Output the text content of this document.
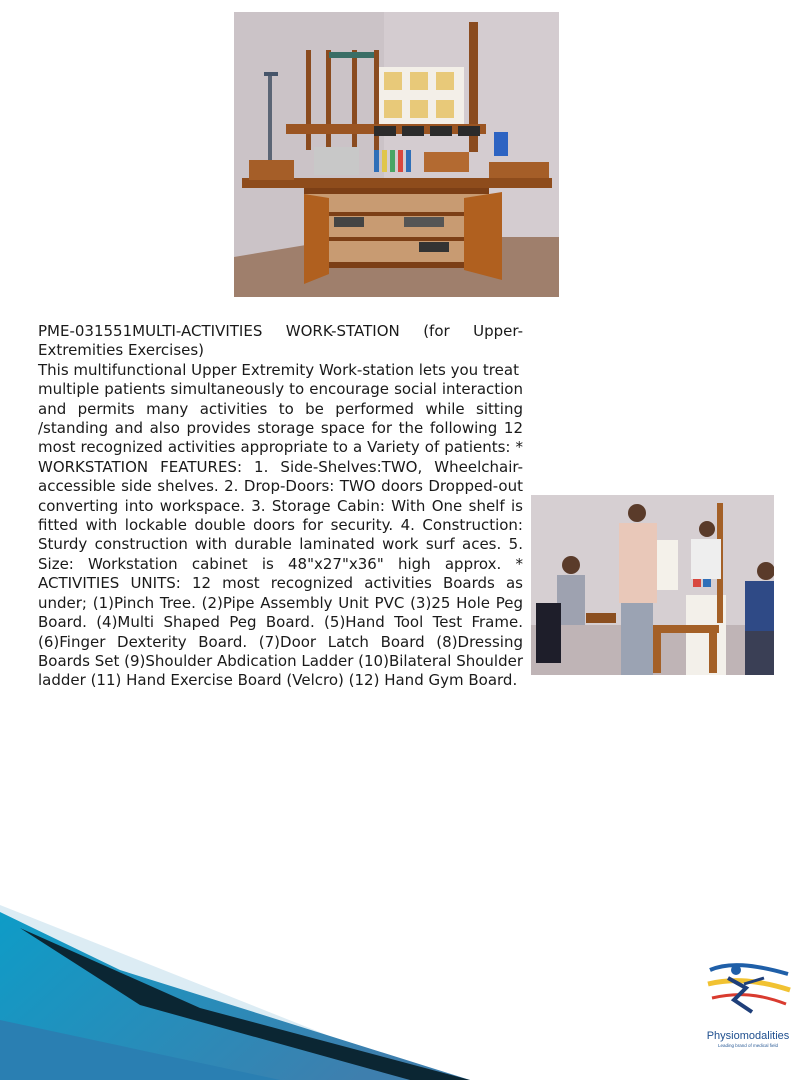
PME-031551MULTI-ACTIVITIES WORK-STATION (for Upper-Extremities Exercises)

This multifunctional Upper Extremity Work-station lets you treat

multiple patients simultaneously to encourage social interaction and permits many activities to be performed while sitting /standing and also provides storage space for the following 12 most recognized activities appropriate to a Variety of patients: * WORKSTATION FEATURES: 1. Side-Shelves:TWO, Wheelchair-accessible side shelves. 2. Drop-Doors: TWO doors Dropped-out converting into workspace. 3. Storage Cabin: With One shelf is fitted with lockable double doors for security. 4. Construction: Sturdy construction with durable laminated work surf aces. 5. Size: Workstation cabinet is 48"x27"x36" high approx. * ACTIVITIES UNITS: 12 most recognized activities Boards as under; (1)Pinch Tree. (2)Pipe Assembly Unit PVC (3)25 Hole Peg Board. (4)Multi Shaped Peg Board. (5)Hand Tool Test Frame. (6)Finger Dexterity Board. (7)Door Latch Board (8)Dressing Boards Set (9)Shoulder Abdication Ladder (10)Bilateral Shoulder ladder (11) Hand Exercise Board (Velcro) (12) Hand Gym Board.

Physiomodalities
Leading brand of medical field
